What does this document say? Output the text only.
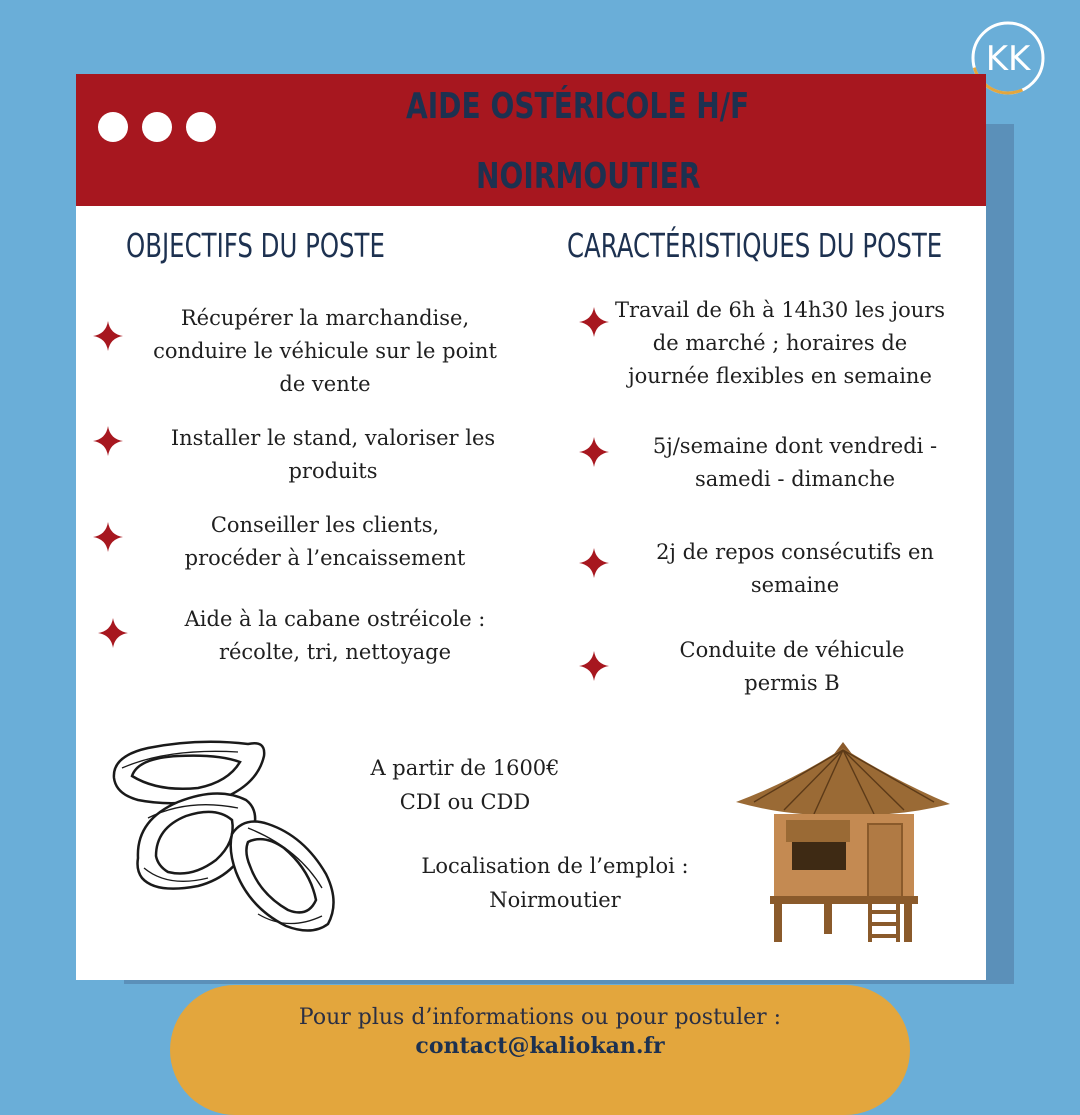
KK
AIDE OSTÉRICOLE H/F
NOIRMOUTIER
OBJECTIFS DU POSTE	CARACTÉRISTIQUES DU POSTE
Récupérer la marchandise,
conduire le véhicule sur le point
de vente
Installer le stand, valoriser les
produits
Conseiller les clients,
procéder à l’encaissement
Aide à la cabane ostréicole :
récolte, tri, nettoyage
Travail de 6h à 14h30 les jours
de marché ; horaires de
journée flexibles en semaine
5j/semaine dont vendredi -
samedi - dimanche
2j de repos consécutifs en
semaine
Conduite de véhicule
permis B
A partir de 1600€
CDI ou CDD
Localisation de l’emploi :
Noirmoutier
Pour plus d’informations ou pour postuler :
contact@kaliokan.fr
